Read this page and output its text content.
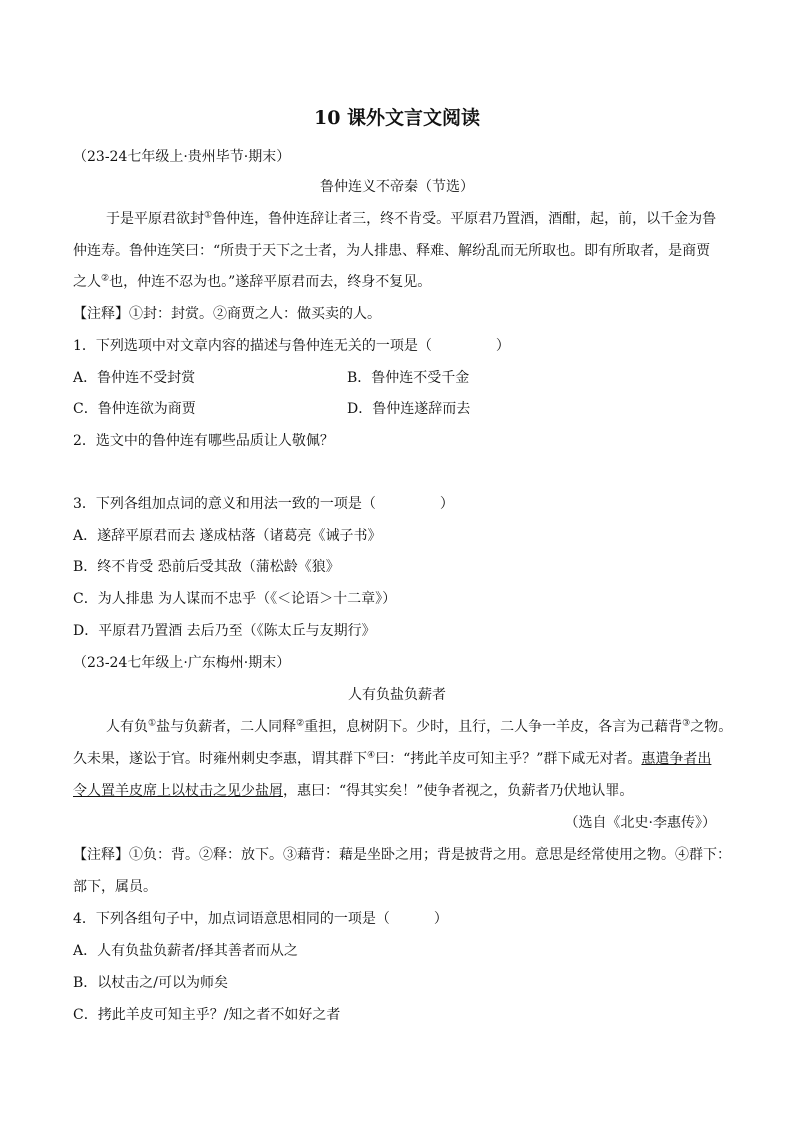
10 课外文言文阅读
（23-24七年级上·贵州毕节·期末）
鲁仲连义不帝秦（节选）
于是平原君欲封①鲁仲连，鲁仲连辞让者三，终不肯受。平原君乃置酒，酒酣，起，前，以千金为鲁
仲连寿。鲁仲连笑曰：“所贵于天下之士者，为人排患、释难、解纷乱而无所取也。即有所取者，是商贾
之人②也，仲连不忍为也。”遂辞平原君而去，终身不复见。
【注释】①封：封赏。②商贾之人：做买卖的人。
1．下列选项中对文章内容的描述与鲁仲连无关的一项是（	）
A．鲁仲连不受封赏	B．鲁仲连不受千金
C．鲁仲连欲为商贾	D．鲁仲连遂辞而去
2．选文中的鲁仲连有哪些品质让人敬佩？
3．下列各组加点词的意义和用法一致的一项是（	）
A．遂辞平原君而去 遂成枯落（诸葛亮《诫子书》
B．终不肯受 恐前后受其敌（蒲松龄《狼》
C．为人排患 为人谋而不忠乎（《＜论语＞十二章》）
D．平原君乃置酒 去后乃至（《陈太丘与友期行》
（23-24七年级上·广东梅州·期末）
人有负盐负薪者
人有负①盐与负薪者，二人同释②重担，息树阴下。少时，且行，二人争一羊皮，各言为己藉背③之物。
久未果，遂讼于官。时雍州刺史李惠，谓其群下④曰：“拷此羊皮可知主乎？”群下咸无对者。惠遣争者出
令人置羊皮席上以杖击之见少盐屑，惠曰：“得其实矣！”使争者视之，负薪者乃伏地认罪。
（选自《北史·李惠传》）
【注释】①负：背。②释：放下。③藉背：藉是坐卧之用；背是披背之用。意思是经常使用之物。④群下：
部下，属员。
4．下列各组句子中，加点词语意思相同的一项是（	）
A．人有负盐负薪者/择其善者而从之
B．以杖击之/可以为师矣
C．拷此羊皮可知主乎？/知之者不如好之者
